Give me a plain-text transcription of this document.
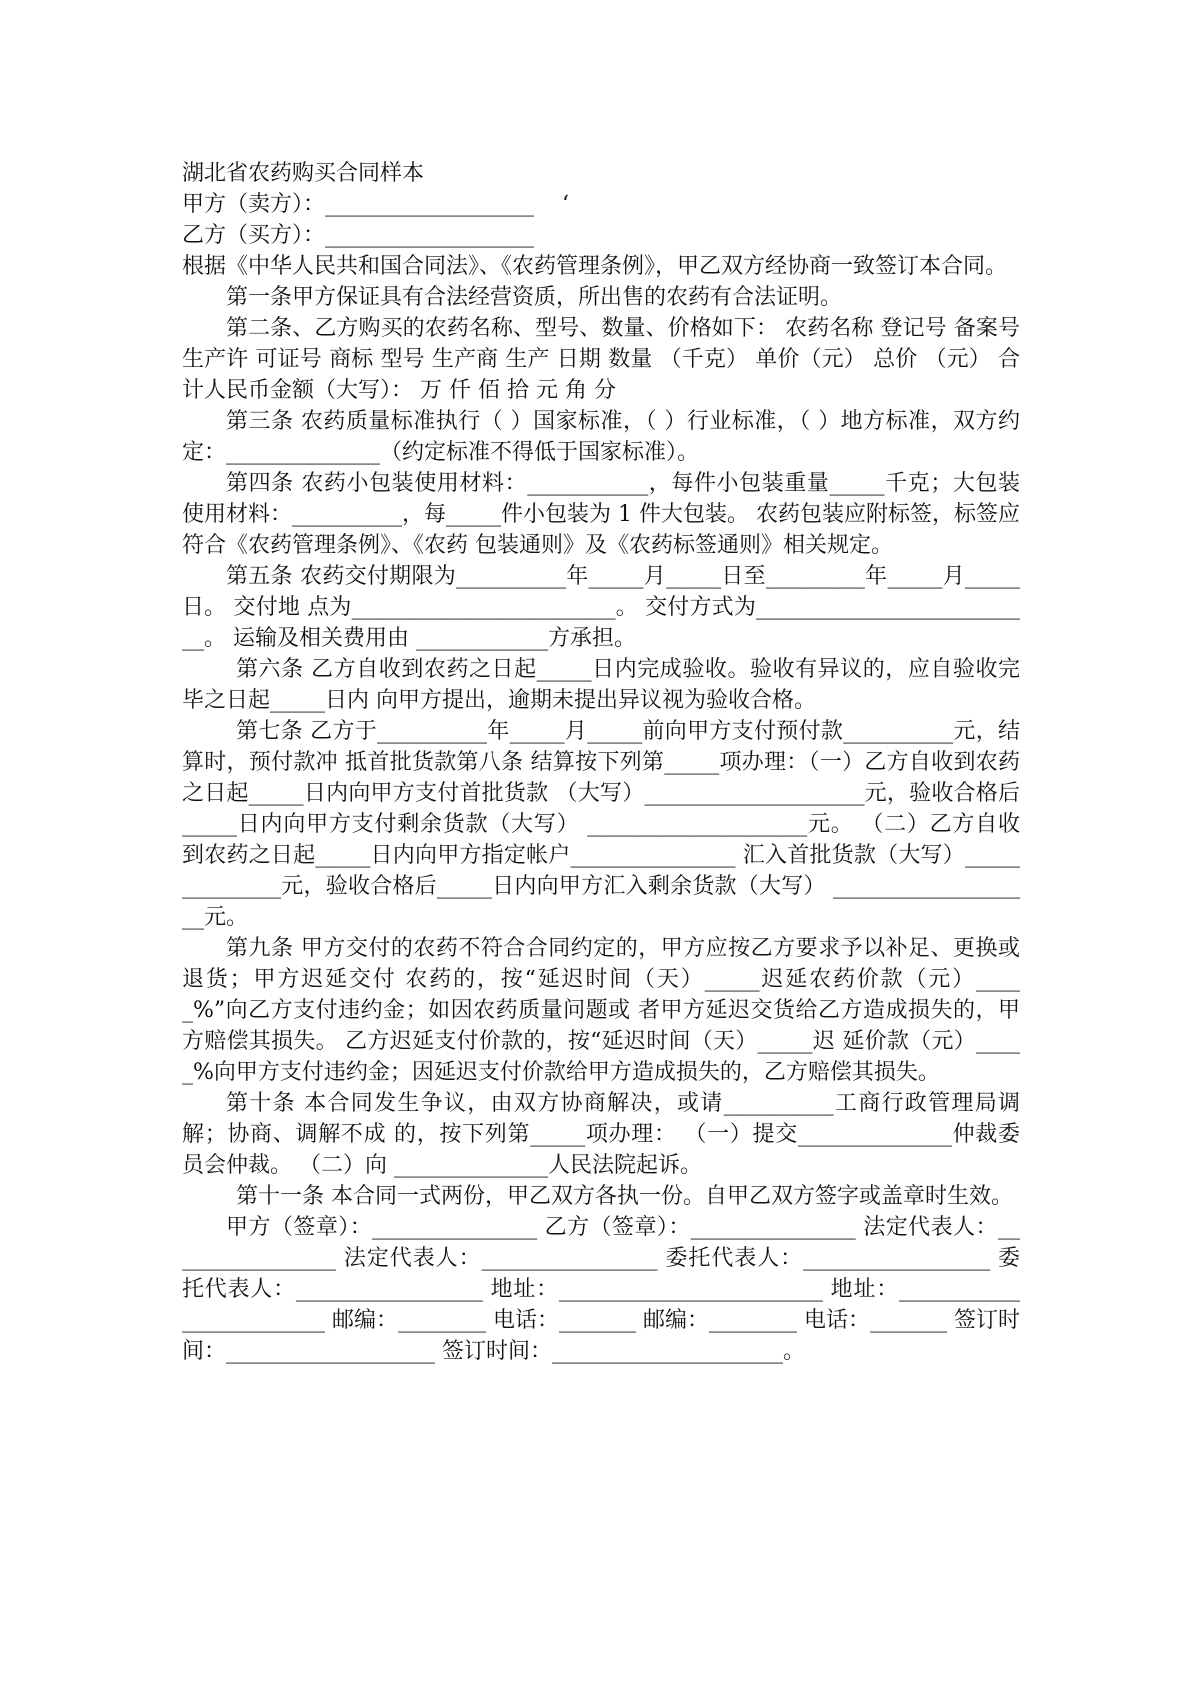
湖北省农药购买合同样本
甲方（卖方）：___________________    ‘
乙方（买方）：___________________

根据《中华人民共和国合同法》、《农药管理条例》，甲乙双方经协商一致签订本合同。

第一条甲方保证具有合法经营资质，所出售的农药有合法证明。

第二条、乙方购买的农药名称、型号、数量、价格如下： 农药名称 登记号 备案号 生产许 可证号 商标 型号 生产商 生产 日期 数量 （千克） 单价（元） 总价 （元） 合计人民币金额（大写）： 万 仟 佰 拾 元 角 分

第三条 农药质量标准执行（ ）国家标准，（ ）行业标准，（ ）地方标准，双方约定：______________（约定标准不得低于国家标准）。

第四条 农药小包装使用材料：___________，每件小包装重量_____千克；大包装使用材料：__________，每_____件小包装为 1 件大包装。 农药包装应附标签，标签应符合《农药管理条例》、《农药 包装通则》及《农药标签通则》相关规定。

第五条 农药交付期限为__________年_____月_____日至_________年_____月_____日。 交付地 点为________________________。 交付方式为__________________________。 运输及相关费用由 ____________方承担。

第六条 乙方自收到农药之日起_____日内完成验收。验收有异议的，应自验收完毕之日起_____日内 向甲方提出，逾期未提出异议视为验收合格。

第七条 乙方于__________年_____月_____前向甲方支付预付款__________元，结算时，预付款冲 抵首批货款第八条 结算按下列第_____项办理：（一）乙方自收到农药之日起_____日内向甲方支付首批货款 （大写）____________________元，验收合格后_____日内向甲方支付剩余货款（大写） ____________________元。 （二）乙方自收到农药之日起_____日内向甲方指定帐户_______________ 汇入首批货款（大写）______________元，验收合格后_____日内向甲方汇入剩余货款（大写） ___________________元。

第九条 甲方交付的农药不符合合同约定的，甲方应按乙方要求予以补足、更换或退货；甲方迟延交付 农药的，按“延迟时间（天）_____迟延农药价款（元）_____%”向乙方支付违约金；如因农药质量问题或 者甲方延迟交货给乙方造成损失的，甲方赔偿其损失。 乙方迟延支付价款的，按“延迟时间（天）_____迟 延价款（元）_____%向甲方支付违约金；因延迟支付价款给甲方造成损失的，乙方赔偿其损失。

第十条 本合同发生争议，由双方协商解决，或请__________工商行政管理局调解；协商、调解不成 的，按下列第_____项办理： （一）提交______________仲裁委员会仲裁。 （二）向 ______________人民法院起诉。

第十一条 本合同一式两份，甲乙双方各执一份。自甲乙双方签字或盖章时生效。

甲方（签章）：_______________ 乙方（签章）：_______________ 法定代表人：________________ 法定代表人：________________ 委托代表人：_________________ 委托代表人：_________________ 地址：________________________ 地址：________________________ 邮编：________ 电话：_______ 邮编：________ 电话：_______ 签订时间：___________________ 签订时间：_____________________。
